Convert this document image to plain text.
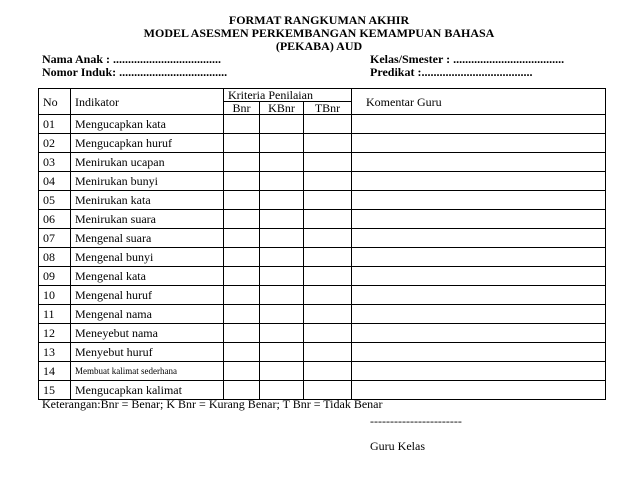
FORMAT RANGKUMAN AKHIR
MODEL ASESMEN PERKEMBANGAN KEMAMPUAN BAHASA
(PEKABA) AUD
Nama Anak : ....................................
Nomor Induk: ....................................
Kelas/Smester : .....................................
Predikat :.....................................
No	Indikator	Kriteria Penilaian			Komentar Guru
		Bnr	KBnr	TBnr	
01	Mengucapkan kata				
02	Mengucapkan huruf				
03	Menirukan ucapan				
04	Menirukan bunyi				
05	Menirukan kata				
06	Menirukan suara				
07	Mengenal suara				
08	Mengenal bunyi				
09	Mengenal kata				
10	Mengenal huruf				
11	Mengenal nama				
12	Meneyebut nama				
13	Menyebut huruf				
14	Membuat kalimat sederhana				
15	Mengucapkan kalimat				
Keterangan:Bnr = Benar; K Bnr = Kurang Benar; T Bnr = Tidak Benar
-----------------------
Guru Kelas
